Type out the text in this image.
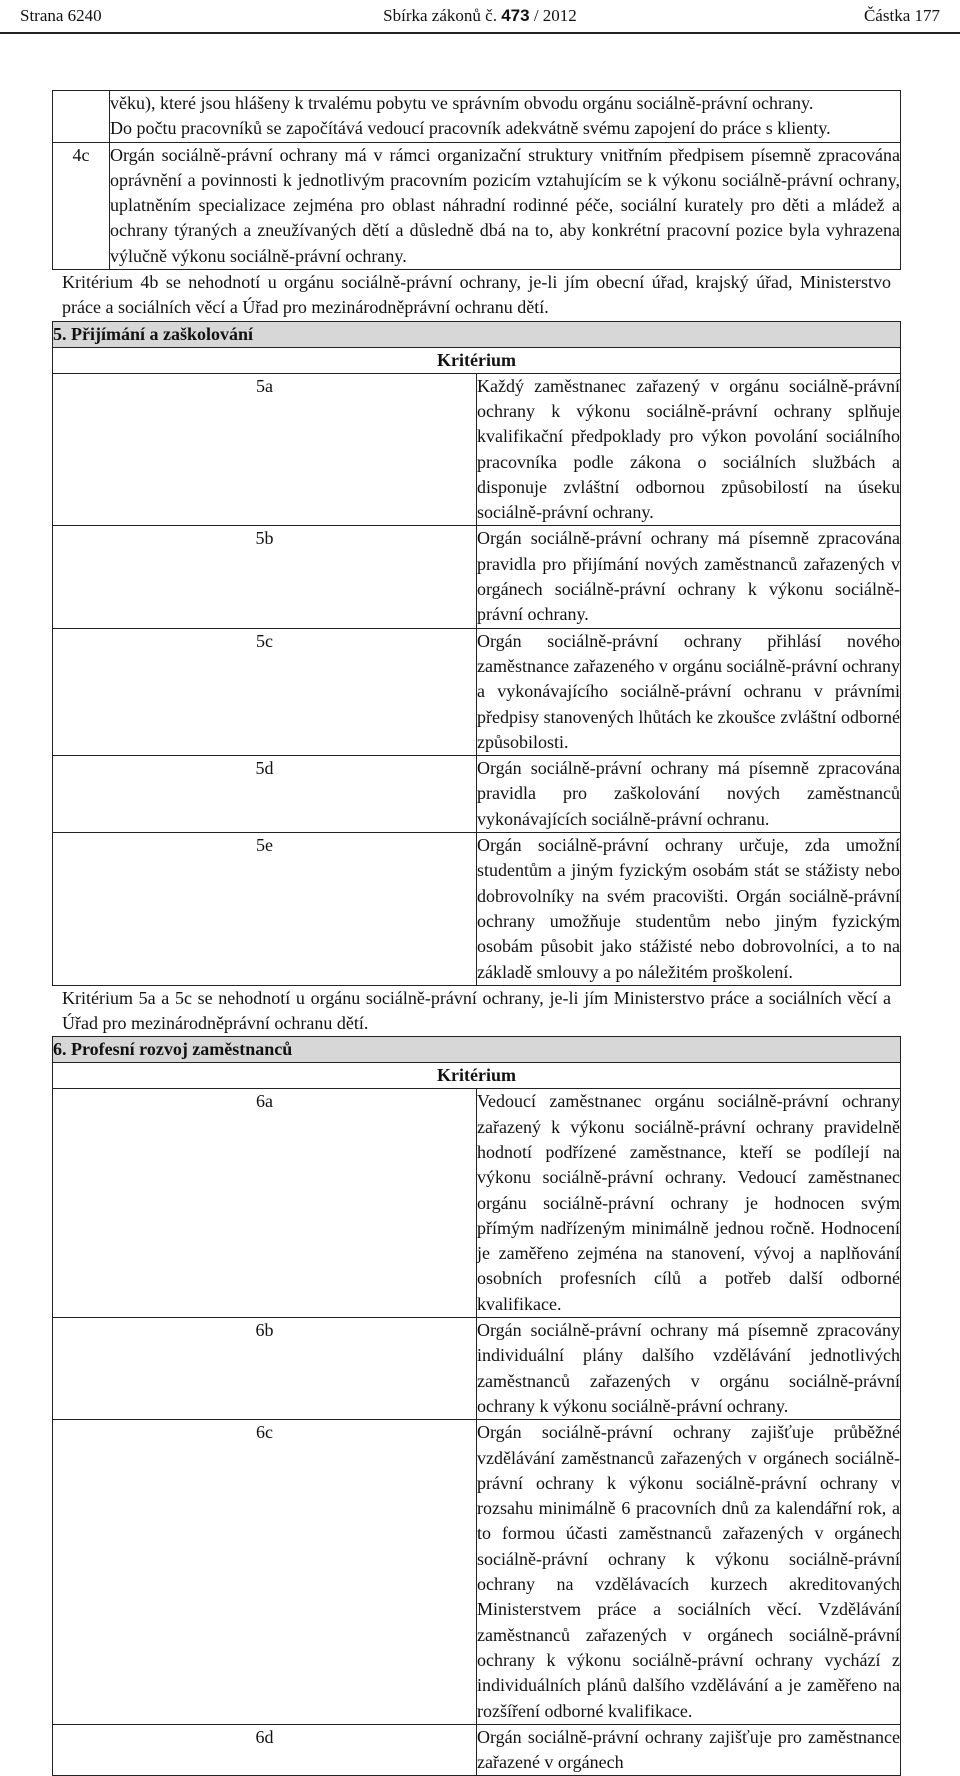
Strana 6240	Sbírka zákonů č. 473 / 2012	Částka 177

	věku), které jsou hlášeny k trvalému pobytu ve správním obvodu orgánu sociálně-právní ochrany.
Do počtu pracovníků se započítává vedoucí pracovník adekvátně svému zapojení do práce s klienty.

4c	Orgán sociálně-právní ochrany má v rámci organizační struktury vnitřním předpisem písemně zpracována oprávnění a povinnosti k jednotlivým pracovním pozicím vztahujícím se k výkonu sociálně-právní ochrany, uplatněním specializace zejména pro oblast náhradní rodinné péče, sociální kurately pro děti a mládež a ochrany týraných a zneužívaných dětí a důsledně dbá na to, aby konkrétní pracovní pozice byla vyhrazena výlučně výkonu sociálně-právní ochrany.
Kritérium 4b se nehodnotí u orgánu sociálně-právní ochrany, je-li jím obecní úřad, krajský úřad, Ministerstvo práce a sociálních věcí a Úřad pro mezinárodněprávní ochranu dětí.
5. Přijímání a zaškolování	
Kritérium	
5a	Každý zaměstnanec zařazený v orgánu sociálně-právní ochrany k výkonu sociálně-právní ochrany splňuje kvalifikační předpoklady pro výkon povolání sociálního pracovníka podle zákona o sociálních službách a disponuje zvláštní odbornou způsobilostí na úseku sociálně-právní ochrany.
5b	Orgán sociálně-právní ochrany má písemně zpracována pravidla pro přijímání nových zaměstnanců zařazených v orgánech sociálně-právní ochrany k výkonu sociálně-právní ochrany.
5c	Orgán sociálně-právní ochrany přihlásí nového zaměstnance zařazeného v orgánu sociálně-právní ochrany a vykonávajícího sociálně-právní ochranu v právními předpisy stanovených lhůtách ke zkoušce zvláštní odborné způsobilosti.
5d	Orgán sociálně-právní ochrany má písemně zpracována pravidla pro zaškolování nových zaměstnanců vykonávajících sociálně-právní ochranu.
5e	Orgán sociálně-právní ochrany určuje, zda umožní studentům a jiným fyzickým osobám stát se stážisty nebo dobrovolníky na svém pracovišti. Orgán sociálně-právní ochrany umožňuje studentům nebo jiným fyzickým osobám působit jako stážisté nebo dobrovolníci, a to na základě smlouvy a po náležitém proškolení.
Kritérium 5a a 5c se nehodnotí u orgánu sociálně-právní ochrany, je-li jím Ministerstvo práce a sociálních věcí a Úřad pro mezinárodněprávní ochranu dětí.
6. Profesní rozvoj zaměstnanců	
Kritérium	
6a	Vedoucí zaměstnanec orgánu sociálně-právní ochrany zařazený k výkonu sociálně-právní ochrany pravidelně hodnotí podřízené zaměstnance, kteří se podílejí na výkonu sociálně-právní ochrany. Vedoucí zaměstnanec orgánu sociálně-právní ochrany je hodnocen svým přímým nadřízeným minimálně jednou ročně. Hodnocení je zaměřeno zejména na stanovení, vývoj a naplňování osobních profesních cílů a potřeb další odborné kvalifikace.
6b	Orgán sociálně-právní ochrany má písemně zpracovány individuální plány dalšího vzdělávání jednotlivých zaměstnanců zařazených v orgánu sociálně-právní ochrany k výkonu sociálně-právní ochrany.
6c	Orgán sociálně-právní ochrany zajišťuje průběžné vzdělávání zaměstnanců zařazených v orgánech sociálně-právní ochrany k výkonu sociálně-právní ochrany v rozsahu minimálně 6 pracovních dnů za kalendářní rok, a to formou účasti zaměstnanců zařazených v orgánech sociálně-právní ochrany k výkonu sociálně-právní ochrany na vzdělávacích kurzech akreditovaných Ministerstvem práce a sociálních věcí. Vzdělávání zaměstnanců zařazených v orgánech sociálně-právní ochrany k výkonu sociálně-právní ochrany vychází z individuálních plánů dalšího vzdělávání a je zaměřeno na rozšíření odborné kvalifikace.
6d	Orgán sociálně-právní ochrany zajišťuje pro zaměstnance zařazené v orgánech
